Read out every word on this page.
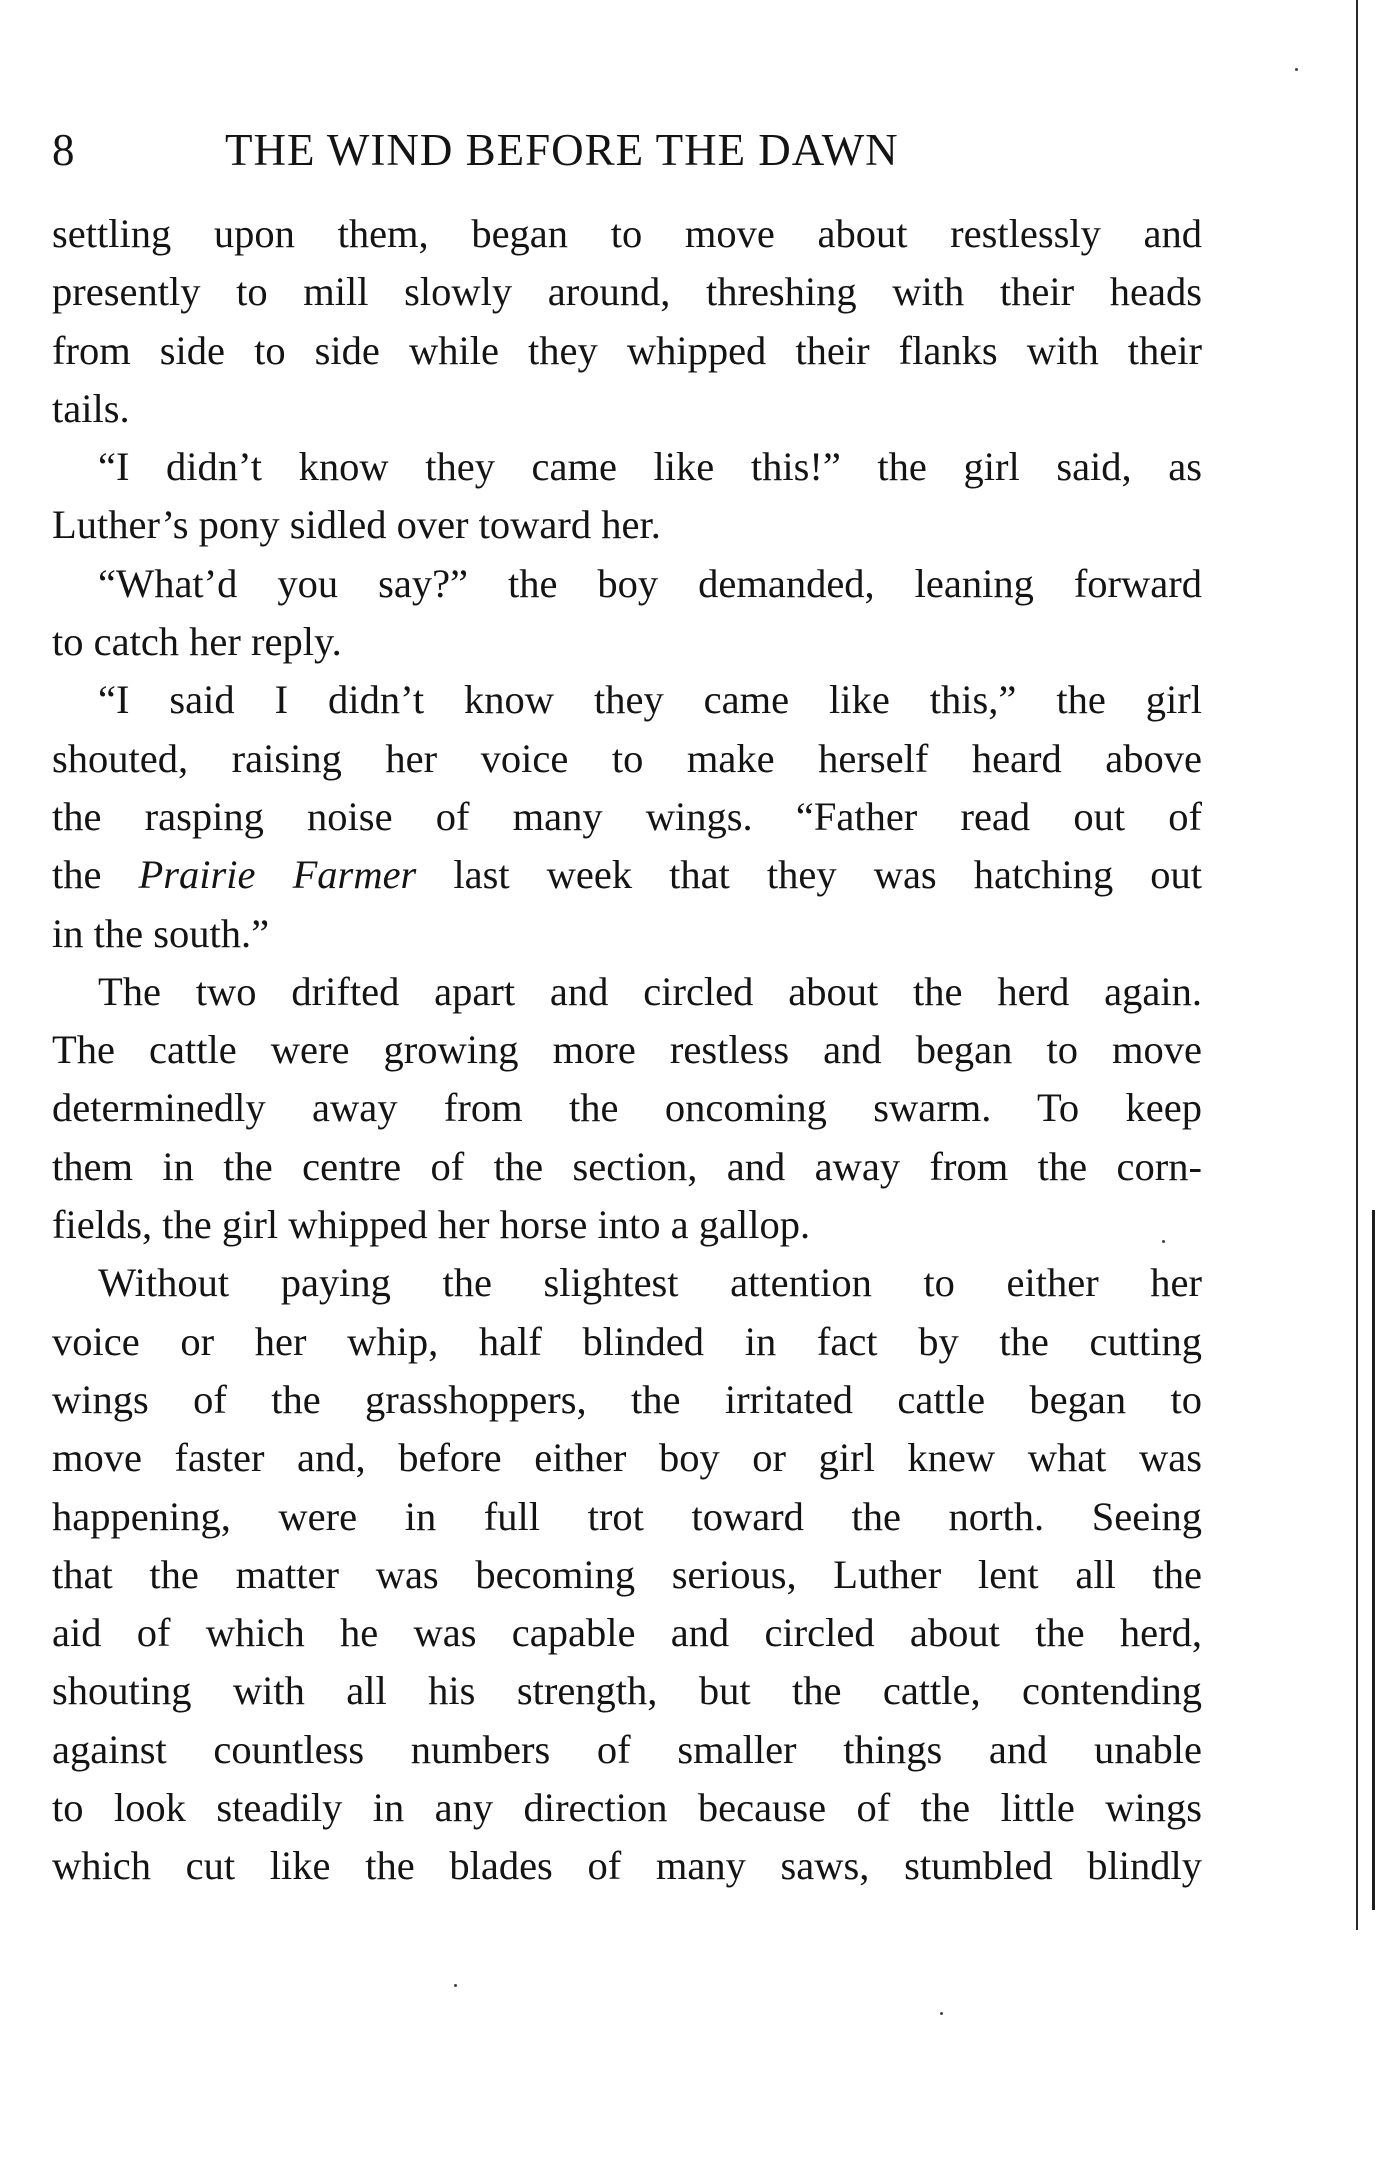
8	THE WIND BEFORE THE DAWN
settling upon them, began to move about restlessly and
presently to mill slowly around, threshing with their heads
from side to side while they whipped their flanks with their
tails.
“I didn’t know they came like this!” the girl said, as
Luther’s pony sidled over toward her.
“What’d you say?” the boy demanded, leaning forward
to catch her reply.
“I said I didn’t know they came like this,” the girl
shouted, raising her voice to make herself heard above
the rasping noise of many wings. “Father read out of
the Prairie Farmer last week that they was hatching out
in the south.”
The two drifted apart and circled about the herd again.
The cattle were growing more restless and began to move
determinedly away from the oncoming swarm. To keep
them in the centre of the section, and away from the corn-
fields, the girl whipped her horse into a gallop.
Without paying the slightest attention to either her
voice or her whip, half blinded in fact by the cutting
wings of the grasshoppers, the irritated cattle began to
move faster and, before either boy or girl knew what was
happening, were in full trot toward the north. Seeing
that the matter was becoming serious, Luther lent all the
aid of which he was capable and circled about the herd,
shouting with all his strength, but the cattle, contending
against countless numbers of smaller things and unable
to look steadily in any direction because of the little wings
which cut like the blades of many saws, stumbled blindly
